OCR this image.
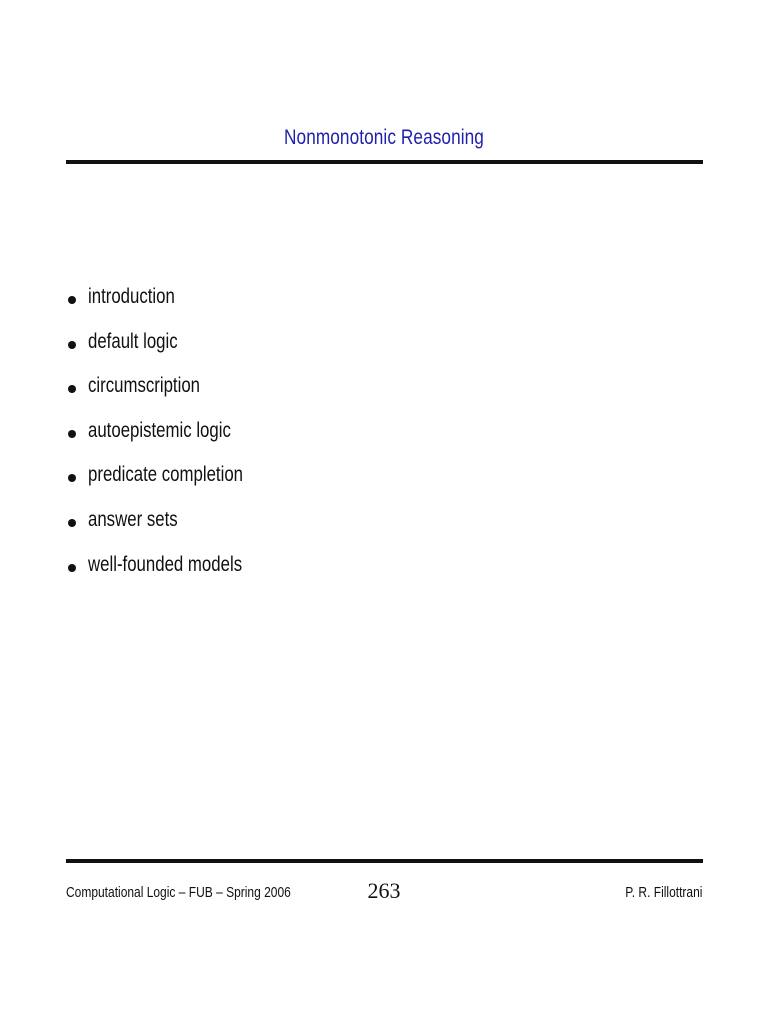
Nonmonotonic Reasoning
introduction
default logic
circumscription
autoepistemic logic
predicate completion
answer sets
well-founded models
Computational Logic – FUB – Spring 2006	263	P. R. Fillottrani
